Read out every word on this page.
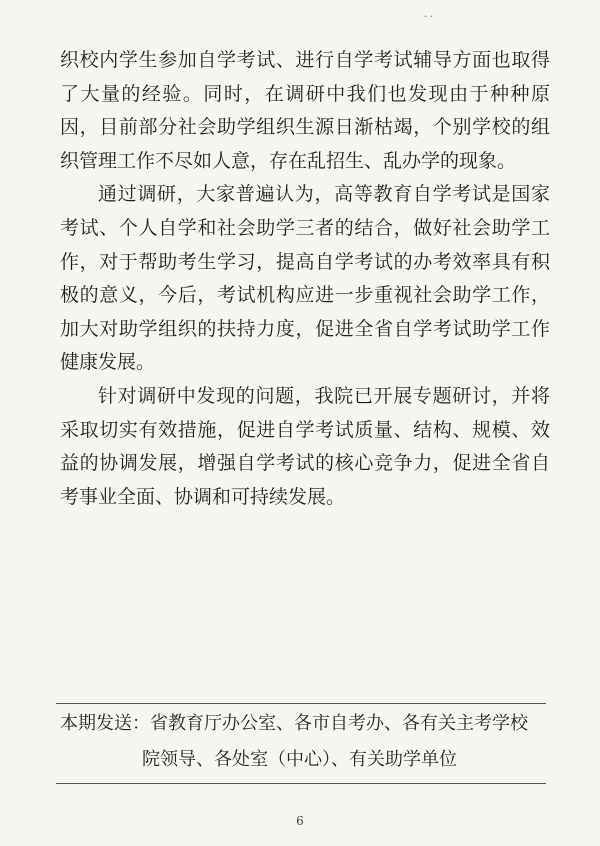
··

织校内学生参加自学考试、进行自学考试辅导方面也取得了大量的经验。同时，在调研中我们也发现由于种种原因，目前部分社会助学组织生源日渐枯竭，个别学校的组织管理工作不尽如人意，存在乱招生、乱办学的现象。

通过调研，大家普遍认为，高等教育自学考试是国家考试、个人自学和社会助学三者的结合，做好社会助学工作，对于帮助考生学习，提高自学考试的办考效率具有积极的意义，今后，考试机构应进一步重视社会助学工作，加大对助学组织的扶持力度，促进全省自学考试助学工作健康发展。

针对调研中发现的问题，我院已开展专题研讨，并将采取切实有效措施，促进自学考试质量、结构、规模、效益的协调发展，增强自学考试的核心竞争力，促进全省自考事业全面、协调和可持续发展。

本期发送：省教育厅办公室、各市自考办、各有关主考学校
院领导、各处室（中心）、有关助学单位
6
